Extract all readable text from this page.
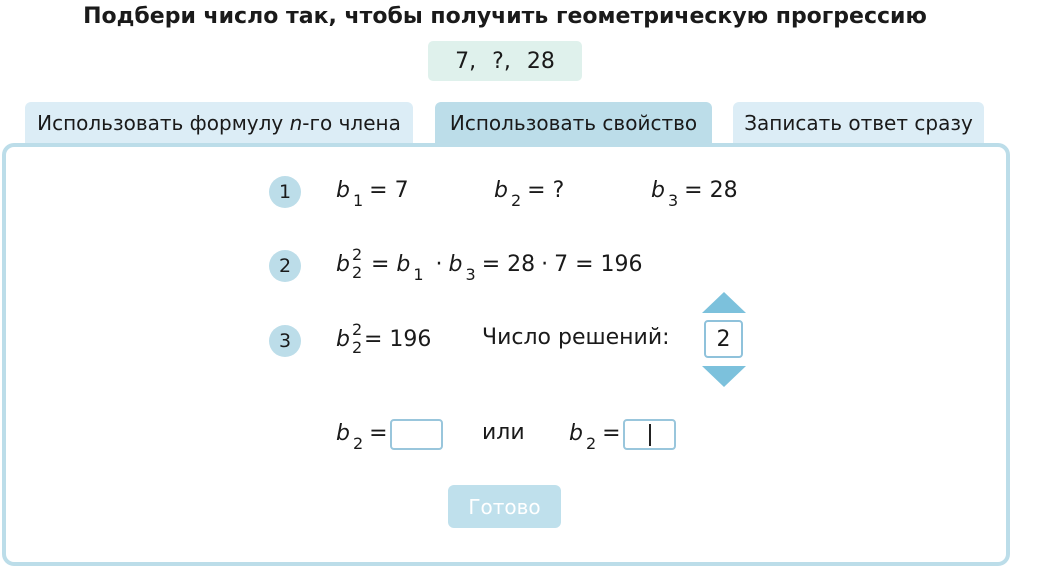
Подбери число так, чтобы получить геометрическую прогрессию
7, ?, 28
Использовать формулу n-го члена Использовать свойство Записать ответ сразу
1	b $_1$ = 7	b $_2$ = ?	b $_3$ = 28
2	b 2
2 = b $_1$ · b $_3$ = 28 · 7 = 196
3	b 2
2 = 196 Число решений:	2
b $_2$ =	или b $_2$ =
Готово
